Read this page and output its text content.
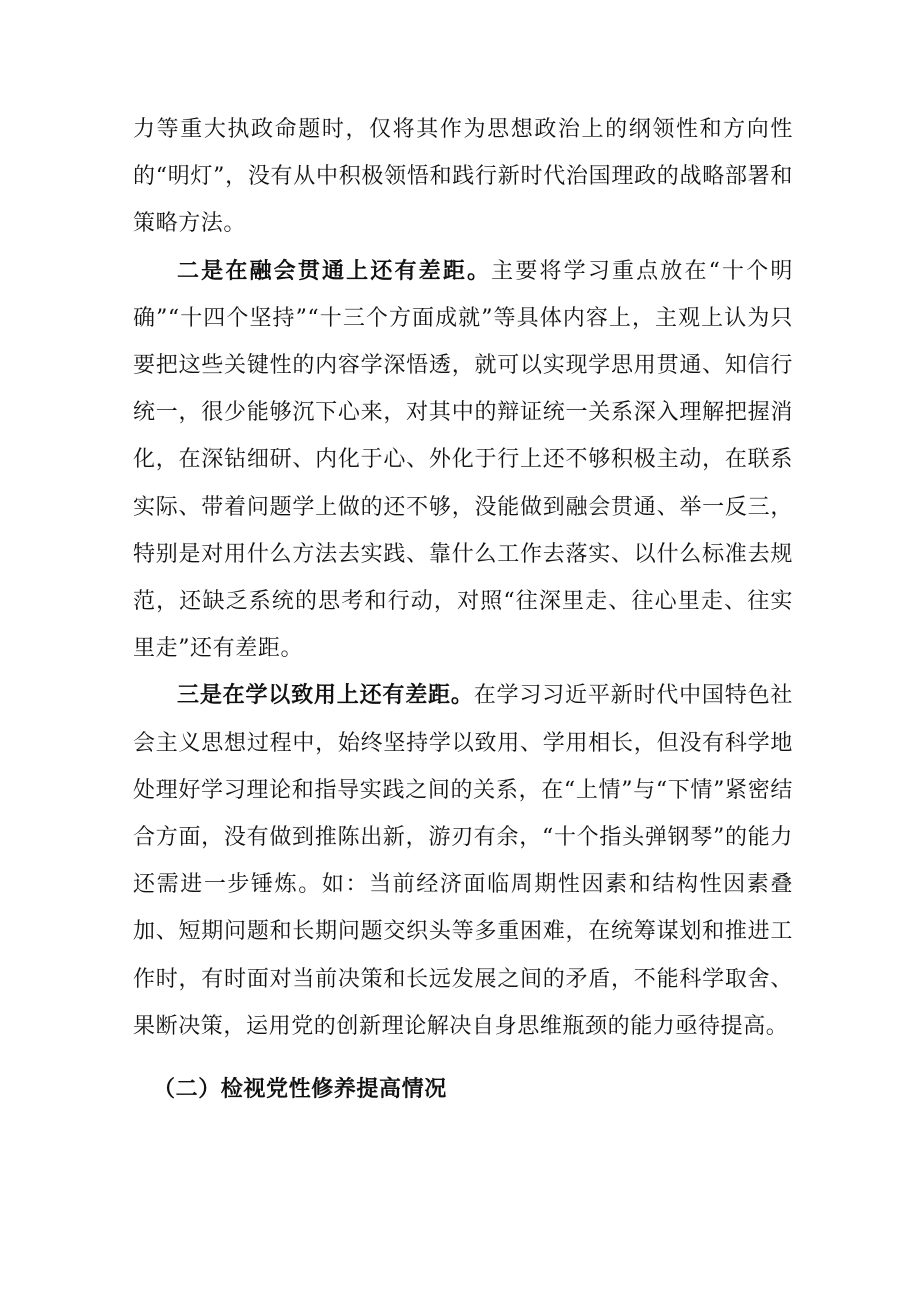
力等重大执政命题时，仅将其作为思想政治上的纲领性和方向性的“明灯”，没有从中积极领悟和践行新时代治国理政的战略部署和策略方法。

二是在融会贯通上还有差距。主要将学习重点放在“十个明确”“十四个坚持”“十三个方面成就”等具体内容上，主观上认为只要把这些关键性的内容学深悟透，就可以实现学思用贯通、知信行统一，很少能够沉下心来，对其中的辩证统一关系深入理解把握消化，在深钻细研、内化于心、外化于行上还不够积极主动，在联系实际、带着问题学上做的还不够，没能做到融会贯通、举一反三，特别是对用什么方法去实践、靠什么工作去落实、以什么标准去规范，还缺乏系统的思考和行动，对照“往深里走、往心里走、往实里走”还有差距。

三是在学以致用上还有差距。在学习习近平新时代中国特色社会主义思想过程中，始终坚持学以致用、学用相长，但没有科学地处理好学习理论和指导实践之间的关系，在“上情”与“下情”紧密结合方面，没有做到推陈出新，游刃有余，“十个指头弹钢琴”的能力还需进一步锤炼。如：当前经济面临周期性因素和结构性因素叠加、短期问题和长期问题交织头等多重困难，在统筹谋划和推进工作时，有时面对当前决策和长远发展之间的矛盾，不能科学取舍、果断决策，运用党的创新理论解决自身思维瓶颈的能力亟待提高。

（二）检视党性修养提高情况
